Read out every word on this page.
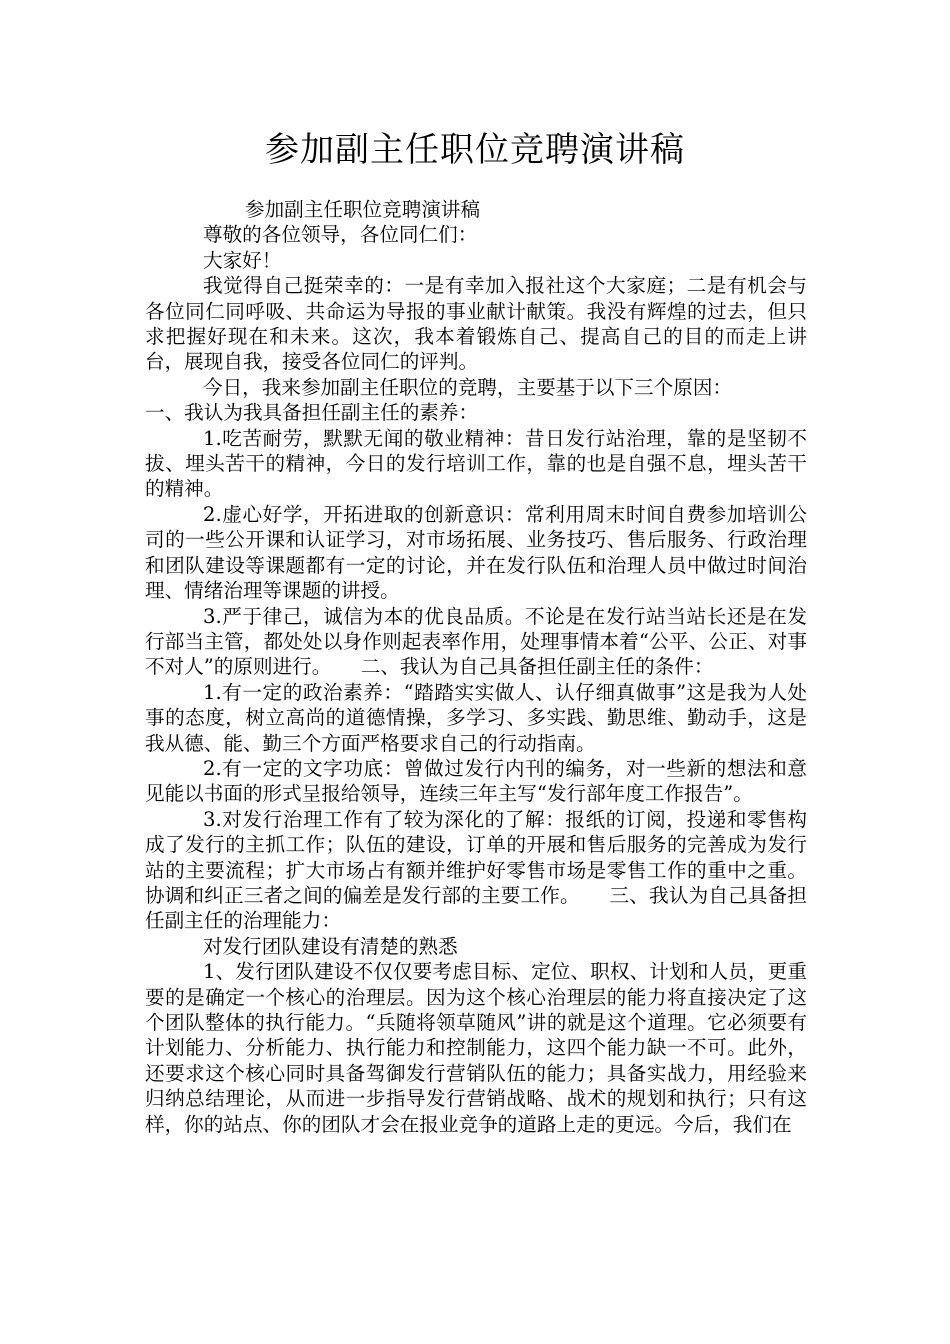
参加副主任职位竞聘演讲稿

参加副主任职位竞聘演讲稿

尊敬的各位领导，各位同仁们：

大家好！

我觉得自己挺荣幸的：一是有幸加入报社这个大家庭；二是有机会与各位同仁同呼吸、共命运为导报的事业献计献策。我没有辉煌的过去，但只求把握好现在和未来。这次，我本着锻炼自己、提高自己的目的而走上讲台，展现自我，接受各位同仁的评判。

今日，我来参加副主任职位的竞聘，主要基于以下三个原因：

一、我认为我具备担任副主任的素养：

1.吃苦耐劳，默默无闻的敬业精神：昔日发行站治理，靠的是坚韧不拔、埋头苦干的精神，今日的发行培训工作，靠的也是自强不息，埋头苦干的精神。

2.虚心好学，开拓进取的创新意识：常利用周末时间自费参加培训公司的一些公开课和认证学习，对市场拓展、业务技巧、售后服务、行政治理和团队建设等课题都有一定的讨论，并在发行队伍和治理人员中做过时间治理、情绪治理等课题的讲授。

3.严于律己，诚信为本的优良品质。不论是在发行站当站长还是在发行部当主管，都处处以身作则起表率作用，处理事情本着“公平、公正、对事不对人”的原则进行。　　二、我认为自己具备担任副主任的条件：

1.有一定的政治素养：“踏踏实实做人、认仔细真做事”这是我为人处事的态度，树立高尚的道德情操，多学习、多实践、勤思维、勤动手，这是我从德、能、勤三个方面严格要求自己的行动指南。

2.有一定的文字功底：曾做过发行内刊的编务，对一些新的想法和意见能以书面的形式呈报给领导，连续三年主写“发行部年度工作报告”。

3.对发行治理工作有了较为深化的了解：报纸的订阅，投递和零售构成了发行的主抓工作；队伍的建设，订单的开展和售后服务的完善成为发行站的主要流程；扩大市场占有额并维护好零售市场是零售工作的重中之重。协调和纠正三者之间的偏差是发行部的主要工作。　　三、我认为自己具备担任副主任的治理能力：

对发行团队建设有清楚的熟悉

1、发行团队建设不仅仅要考虑目标、定位、职权、计划和人员，更重要的是确定一个核心的治理层。因为这个核心治理层的能力将直接决定了这个团队整体的执行能力。“兵随将领草随风”讲的就是这个道理。它必须要有计划能力、分析能力、执行能力和控制能力，这四个能力缺一不可。此外，还要求这个核心同时具备驾御发行营销队伍的能力；具备实战力，用经验来归纳总结理论，从而进一步指导发行营销战略、战术的规划和执行；只有这样，你的站点、你的团队才会在报业竞争的道路上走的更远。今后，我们在
